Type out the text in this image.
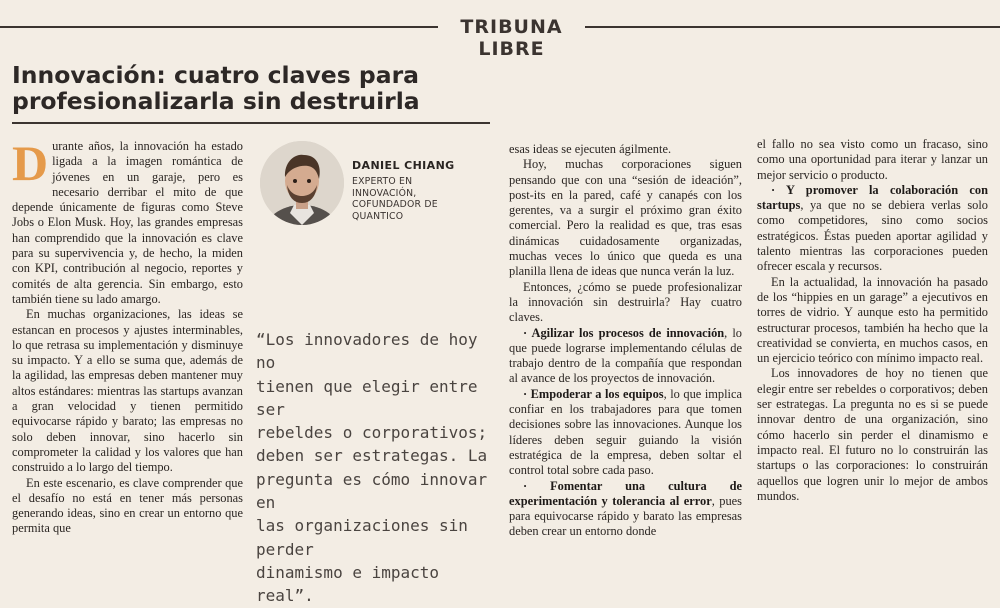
TRIBUNA LIBRE
Innovación: cuatro claves para
profesionalizarla sin destruirla

Durante años, la innovación ha estado ligada a la imagen romántica de jóvenes en un garaje, pero es necesario derribar el mito de que depende únicamente de figuras como Steve Jobs o Elon Musk. Hoy, las grandes empresas han comprendido que la innovación es clave para su supervivencia y, de hecho, la miden con KPI, contribución al negocio, reportes y comités de alta gerencia. Sin embargo, esto también tiene su lado amargo.

En muchas organizaciones, las ideas se estancan en procesos y ajustes interminables, lo que retrasa su implementación y disminuye su impacto. Y a ello se suma que, además de la agilidad, las empresas deben mantener muy altos estándares: mientras las startups avanzan a gran velocidad y tienen permitido equivocarse rápido y barato; las empresas no solo deben innovar, sino hacerlo sin comprometer la calidad y los valores que han construido a lo largo del tiempo.

En este escenario, es clave comprender que el desafío no está en tener más personas generando ideas, sino en crear un entorno que permita que

DANIEL CHIANG
EXPERTO EN
INNOVACIÓN,
COFUNDADOR DE
QUANTICO
“Los innovadores de hoy no
tienen que elegir entre ser
rebeldes o corporativos;
deben ser estrategas. La
pregunta es cómo innovar en
las organizaciones sin perder
dinamismo e impacto real”.

esas ideas se ejecuten ágilmente.

Hoy, muchas corporaciones siguen pensando que con una “sesión de ideación”, post-its en la pared, café y canapés con los gerentes, va a surgir el próximo gran éxito comercial. Pero la realidad es que, tras esas dinámicas cuidadosamente organizadas, muchas veces lo único que queda es una planilla llena de ideas que nunca verán la luz.

Entonces, ¿cómo se puede profesionalizar la innovación sin destruirla? Hay cuatro claves.

· Agilizar los procesos de innovación, lo que puede lograrse implementando células de trabajo dentro de la compañía que respondan al avance de los proyectos de innovación.

· Empoderar a los equipos, lo que implica confiar en los trabajadores para que tomen decisiones sobre las innovaciones. Aunque los líderes deben seguir guiando la visión estratégica de la empresa, deben soltar el control total sobre cada paso.

· Fomentar una cultura de experimentación y tolerancia al error, pues para equivocarse rápido y barato las empresas deben crear un entorno donde

el fallo no sea visto como un fracaso, sino como una oportunidad para iterar y lanzar un mejor servicio o producto.

· Y promover la colaboración con startups, ya que no se debiera verlas solo como competidores, sino como socios estratégicos. Éstas pueden aportar agilidad y talento mientras las corporaciones pueden ofrecer escala y recursos.

En la actualidad, la innovación ha pasado de los “hippies en un garage” a ejecutivos en torres de vidrio. Y aunque esto ha permitido estructurar procesos, también ha hecho que la creatividad se convierta, en muchos casos, en un ejercicio teórico con mínimo impacto real.

Los innovadores de hoy no tienen que elegir entre ser rebeldes o corporativos; deben ser estrategas. La pregunta no es si se puede innovar dentro de una organización, sino cómo hacerlo sin perder el dinamismo e impacto real. El futuro no lo construirán las startups o las corporaciones: lo construirán aquellos que logren unir lo mejor de ambos mundos.
